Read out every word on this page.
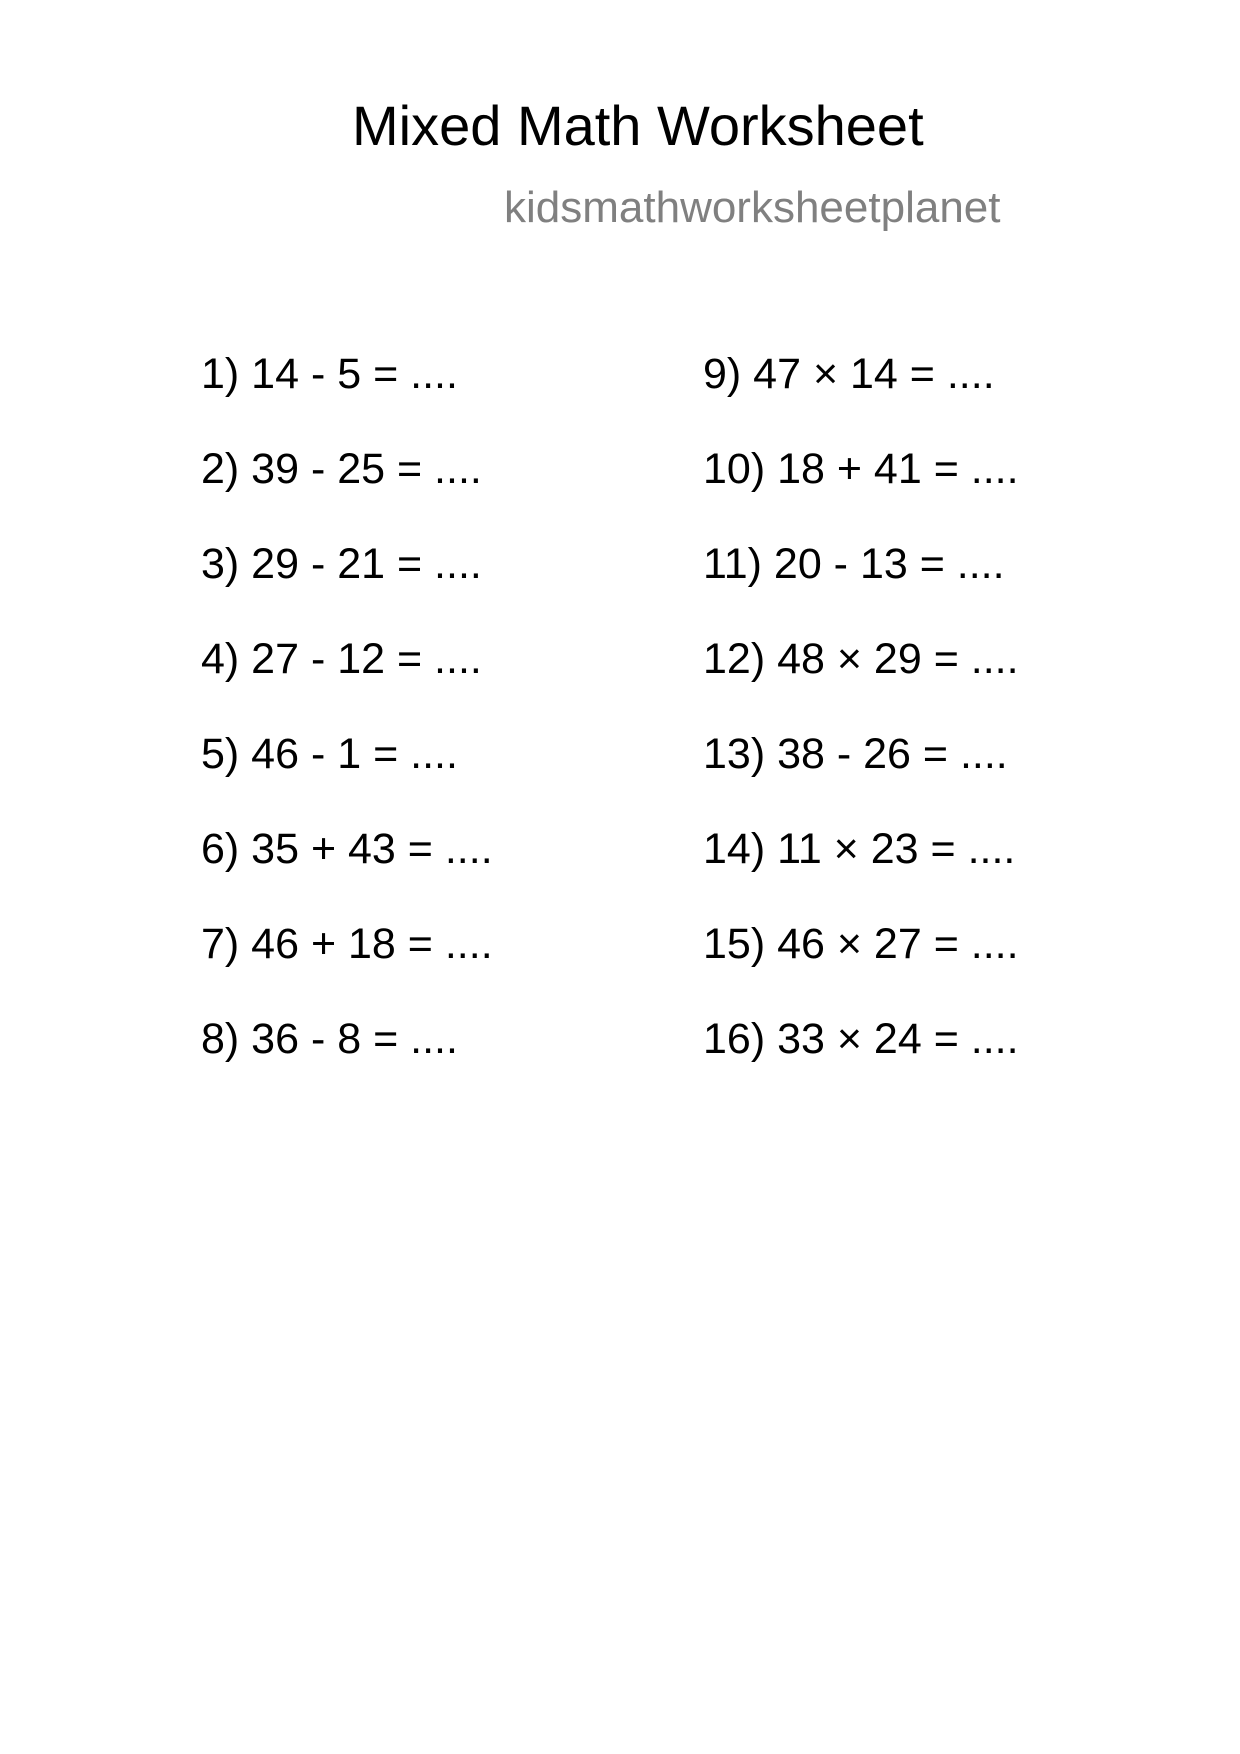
Mixed Math Worksheet
kidsmathworksheetplanet
1) 14 - 5 = ....
2) 39 - 25 = ....
3) 29 - 21 = ....
4) 27 - 12 = ....
5) 46 - 1 = ....
6) 35 + 43 = ....
7) 46 + 18 = ....
8) 36 - 8 = ....
9) 47 × 14 = ....
10) 18 + 41 = ....
11) 20 - 13 = ....
12) 48 × 29 = ....
13) 38 - 26 = ....
14) 11 × 23 = ....
15) 46 × 27 = ....
16) 33 × 24 = ....
